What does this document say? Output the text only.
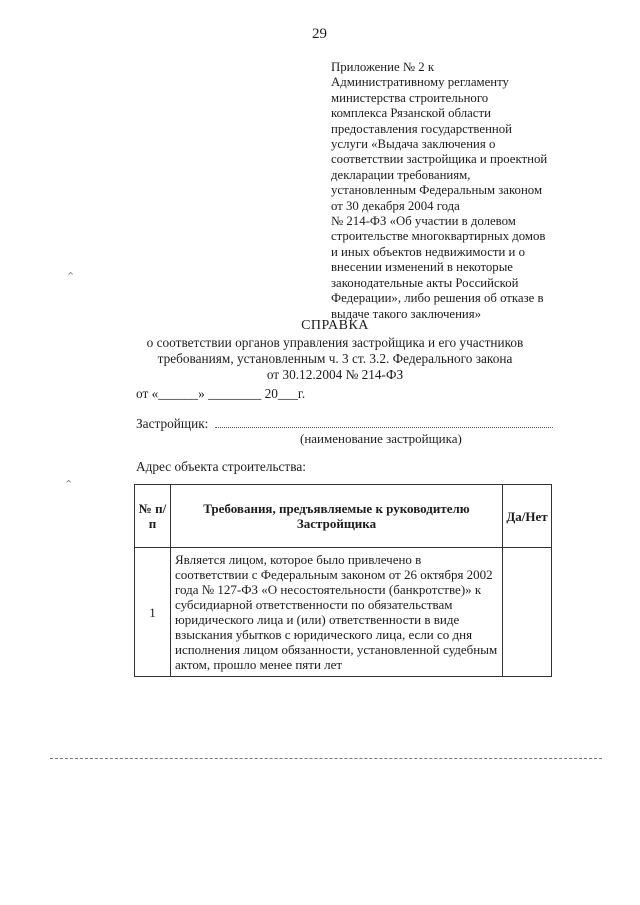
29
Приложение № 2 к
Административному регламенту
министерства строительного
комплекса Рязанской области
предоставления государственной
услуги «Выдача заключения о
соответствии застройщика и проектной
декларации требованиям,
установленным Федеральным законом
от 30 декабря 2004 года
№ 214-ФЗ «Об участии в долевом
строительстве многоквартирных домов
и иных объектов недвижимости и о
внесении изменений в некоторые
законодательные акты Российской
Федерации», либо решения об отказе в
выдаче такого заключения»
СПРАВКА
о соответствии органов управления застройщика и его участников
требованиям, установленным ч. 3 ст. 3.2. Федерального закона
от 30.12.2004 № 214-ФЗ
от «______» ________ 20___г.
Застройщик:
(наименование застройщика)
Адрес объекта строительства:
№ п/п	Требования, предъявляемые к руководителю Застройщика	Да/Нет
1	Является лицом, которое было привлечено в соответствии с Федеральным законом от 26 октября 2002 года № 127-ФЗ «О несостоятельности (банкротстве)» к субсидиарной ответственности по обязательствам юридического лица и (или) ответственности в виде взыскания убытков с юридического лица, если со дня исполнения лицом обязанности, установленной судебным актом, прошло менее пяти лет	
⌃
⌃
